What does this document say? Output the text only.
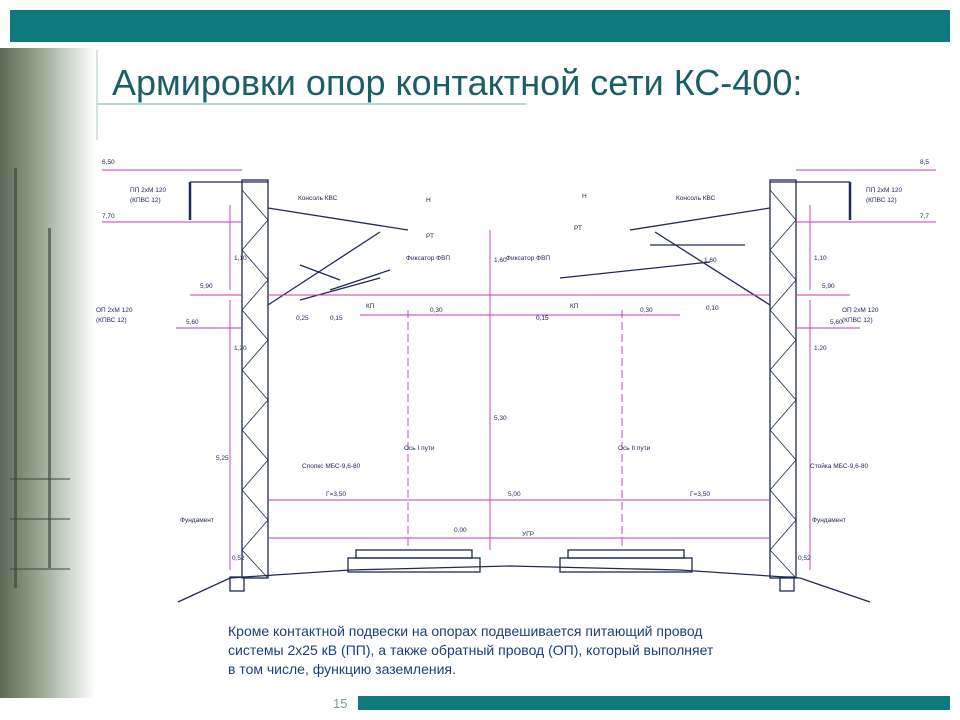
Армировки опор контактной сети КС-400:
6,50
7,70
5,90
5,60
ПП 2хМ 120
(КПВС 12)	Консоль КВС	Н
РТ
Фиксатор ФВП
ОП 2хМ 120
(КПВС 12)
КП
Спопкс МБС-9,6-80
Фундамент
8,5
7,7
5,90
5,60
ПП 2хМ 120
(КПВС 12)
Консоль КВС
Н
РТ
Фиксатор ФВП
ОП 2хМ 120
(КПВС 12)
КП
Стойка МБС-9,6-80
Фундамент
1,10
1,20
5,25
0,52
1,10
1,20
0,52
0,25	0,15
0,30
0,15
0,30	0,10
1,60	1,60
5,30
Г=3,50	Г=3,50
5,00
0,00
УГР
Ось I пути	Ось II пути
Кроме контактной подвески на опорах подвешивается питающий провод
системы 2х25 кВ (ПП), а также обратный провод (ОП), который выполняет
в том числе, функцию заземления.
15
